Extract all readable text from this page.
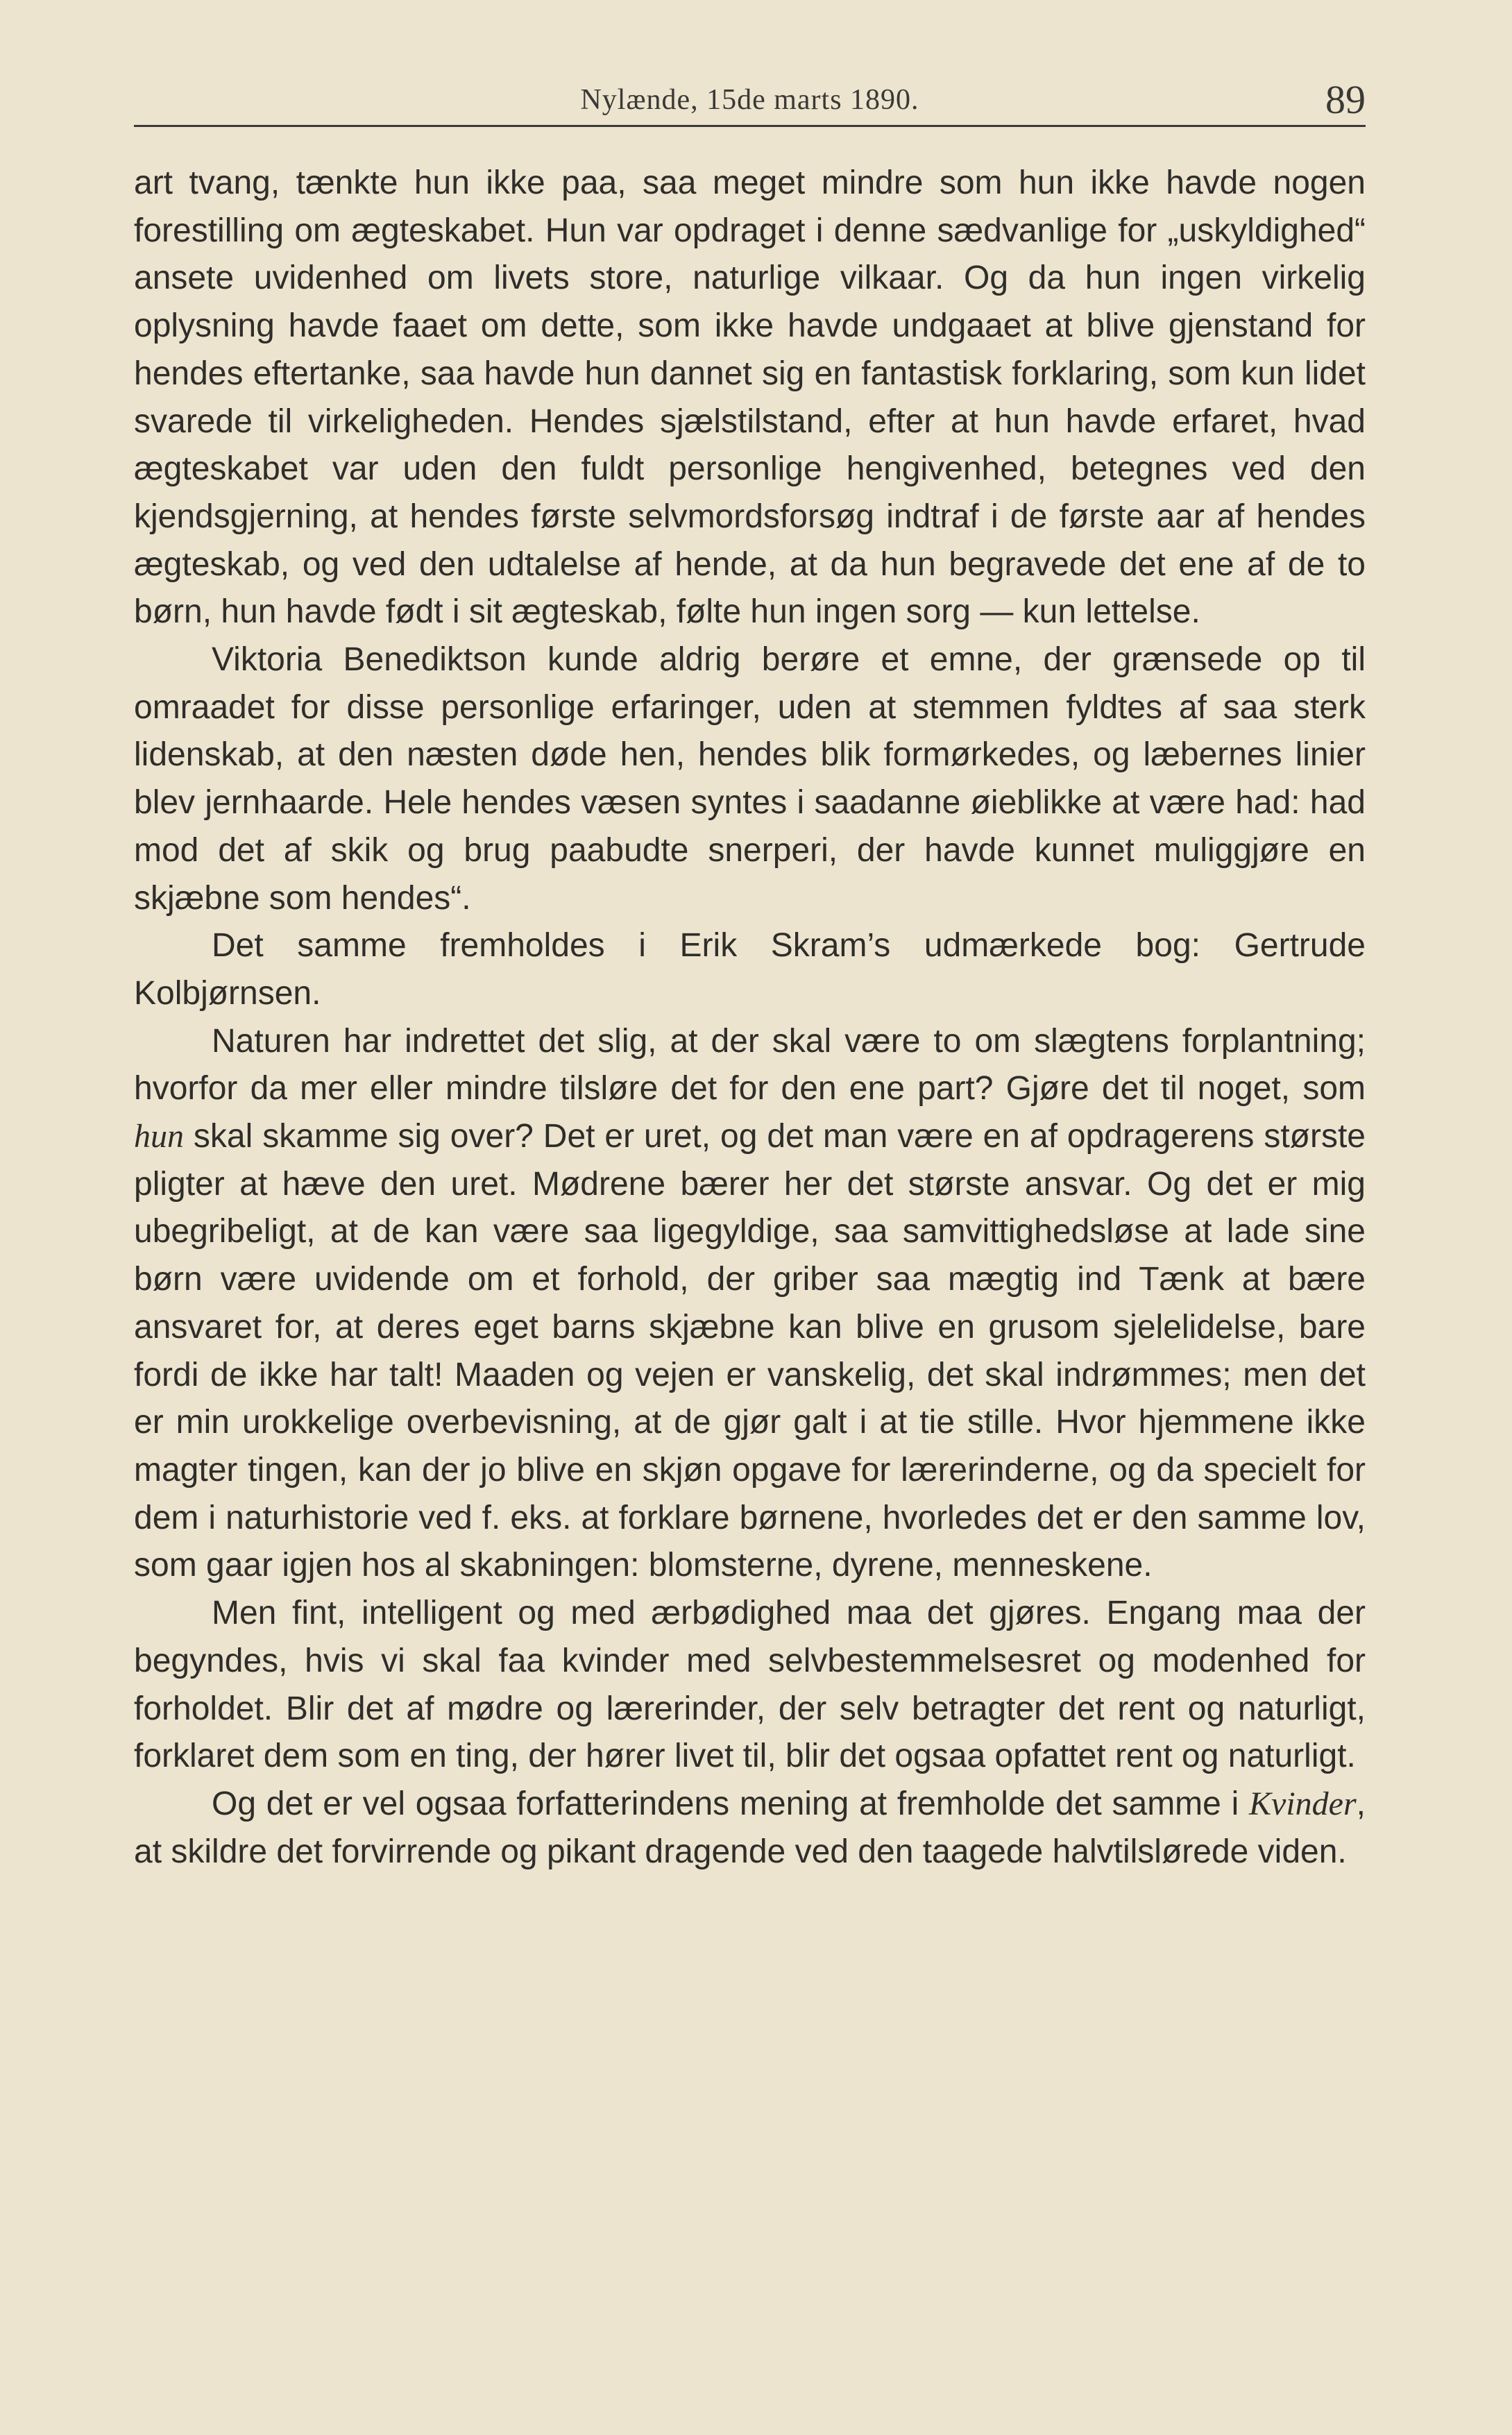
Nylænde, 15de marts 1890.	89

art tvang, tænkte hun ikke paa, saa meget mindre som hun ikke havde nogen forestilling om ægteskabet. Hun var opdraget i denne sædvanlige for „uskyldighed“ ansete uvidenhed om livets store, naturlige vilkaar. Og da hun ingen virkelig oplysning havde faaet om dette, som ikke havde undgaaet at blive gjenstand for hendes eftertanke, saa havde hun dannet sig en fantastisk forklaring, som kun lidet svarede til virkeligheden. Hendes sjælstilstand, efter at hun havde erfaret, hvad ægteskabet var uden den fuldt personlige hengivenhed, betegnes ved den kjendsgjerning, at hendes første selvmordsforsøg indtraf i de første aar af hendes ægteskab, og ved den udtalelse af hende, at da hun begravede det ene af de to børn, hun havde født i sit ægteskab, følte hun ingen sorg — kun lettelse.

Viktoria Benediktson kunde aldrig berøre et emne, der grænsede op til omraadet for disse personlige erfaringer, uden at stemmen fyldtes af saa sterk lidenskab, at den næsten døde hen, hendes blik formørkedes, og læbernes linier blev jernhaarde. Hele hendes væsen syntes i saadanne øieblikke at være had: had mod det af skik og brug paabudte snerperi, der havde kunnet muliggjøre en skjæbne som hendes“.

Det samme fremholdes i Erik Skram’s udmærkede bog: Gertrude Kolbjørnsen.

Naturen har indrettet det slig, at der skal være to om slægtens forplantning; hvorfor da mer eller mindre tilsløre det for den ene part? Gjøre det til noget, som hun skal skamme sig over? Det er uret, og det man være en af opdragerens største pligter at hæve den uret. Mødrene bærer her det største ansvar. Og det er mig ubegribeligt, at de kan være saa ligegyldige, saa samvittighedsløse at lade sine børn være uvidende om et forhold, der griber saa mægtig ind Tænk at bære ansvaret for, at deres eget barns skjæbne kan blive en grusom sjelelidelse, bare fordi de ikke har talt! Maaden og vejen er vanskelig, det skal indrømmes; men det er min urokkelige overbevisning, at de gjør galt i at tie stille. Hvor hjemmene ikke magter tingen, kan der jo blive en skjøn opgave for lærerinderne, og da specielt for dem i naturhistorie ved f. eks. at forklare børnene, hvorledes det er den samme lov, som gaar igjen hos al skabningen: blomsterne, dyrene, menneskene.

Men fint, intelligent og med ærbødighed maa det gjøres. Engang maa der begyndes, hvis vi skal faa kvinder med selvbestemmelsesret og modenhed for forholdet. Blir det af mødre og lærerinder, der selv betragter det rent og naturligt, forklaret dem som en ting, der hører livet til, blir det ogsaa opfattet rent og naturligt.

Og det er vel ogsaa forfatterindens mening at fremholde det samme i Kvinder, at skildre det forvirrende og pikant dragende ved den taagede halvtilslørede viden.
